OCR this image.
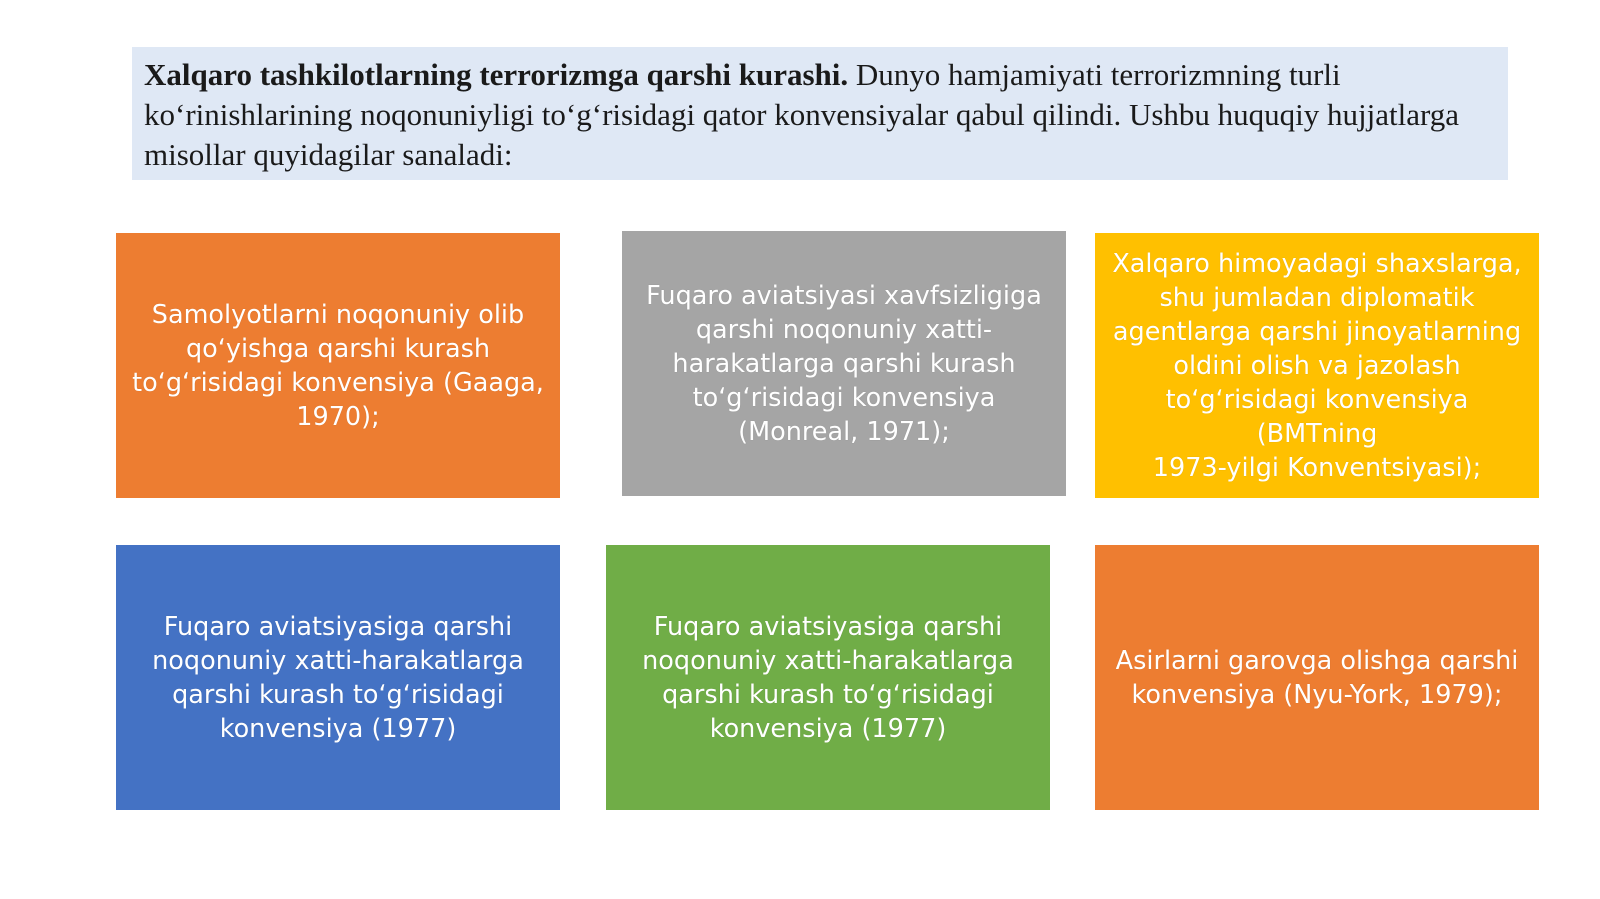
Xalqaro tashkilotlarning terrorizmga qarshi kurashi. Dunyo hamjamiyati terrorizmning turli ko‘rinishlarining noqonuniyligi to‘g‘risidagi qator konvensiyalar qabul qilindi. Ushbu huquqiy hujjatlarga misollar quyidagilar sanaladi:
Samolyotlarni noqonuniy olib
qoʻyishga qarshi kurash
toʻgʻrisidagi konvensiya (Gaaga,
1970);
Fuqaro aviatsiyasi xavfsizligiga
qarshi noqonuniy xatti-
harakatlarga qarshi kurash
toʻgʻrisidagi konvensiya
(Monreal, 1971);
Xalqaro himoyadagi shaxslarga,
shu jumladan diplomatik
agentlarga qarshi jinoyatlarning
oldini olish va jazolash
toʻgʻrisidagi konvensiya (BMTning
1973-yilgi Konventsiyasi);
Fuqaro aviatsiyasiga qarshi
noqonuniy xatti-harakatlarga
qarshi kurash toʻgʻrisidagi
konvensiya (1977)
Fuqaro aviatsiyasiga qarshi
noqonuniy xatti-harakatlarga
qarshi kurash toʻgʻrisidagi
konvensiya (1977)
Asirlarni garovga olishga qarshi
konvensiya (Nyu-York, 1979);
